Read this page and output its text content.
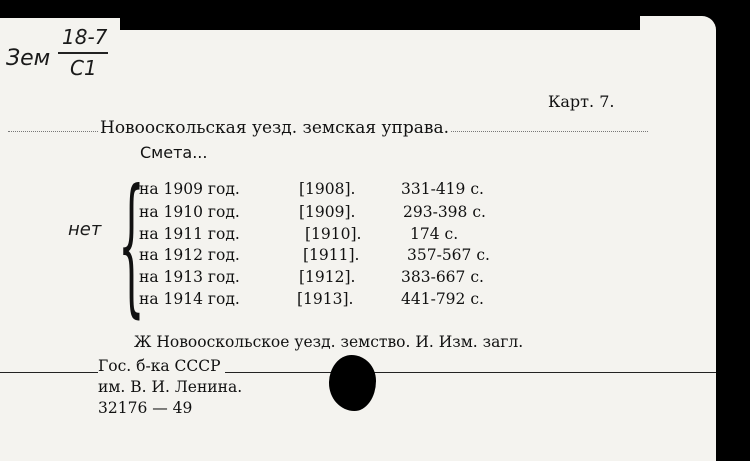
Зем
18-7
С1
Карт. 7.
Новооскольская уезд. земская управа.
Смета...
нет {
на 1909 год.	[1908].	331-419 с.
на 1910 год.	[1909].	293-398 с.
на 1911 год.	[1910].	174 с.
на 1912 год.	[1911].	357-567 с.
на 1913 год.	[1912].	383-667 с.
на 1914 год.	[1913].	441-792 с.
Ж Новооскольское уезд. земство. И. Изм. загл.
Гос. б-ка СССР
им. В. И. Ленина.
32176 — 49
